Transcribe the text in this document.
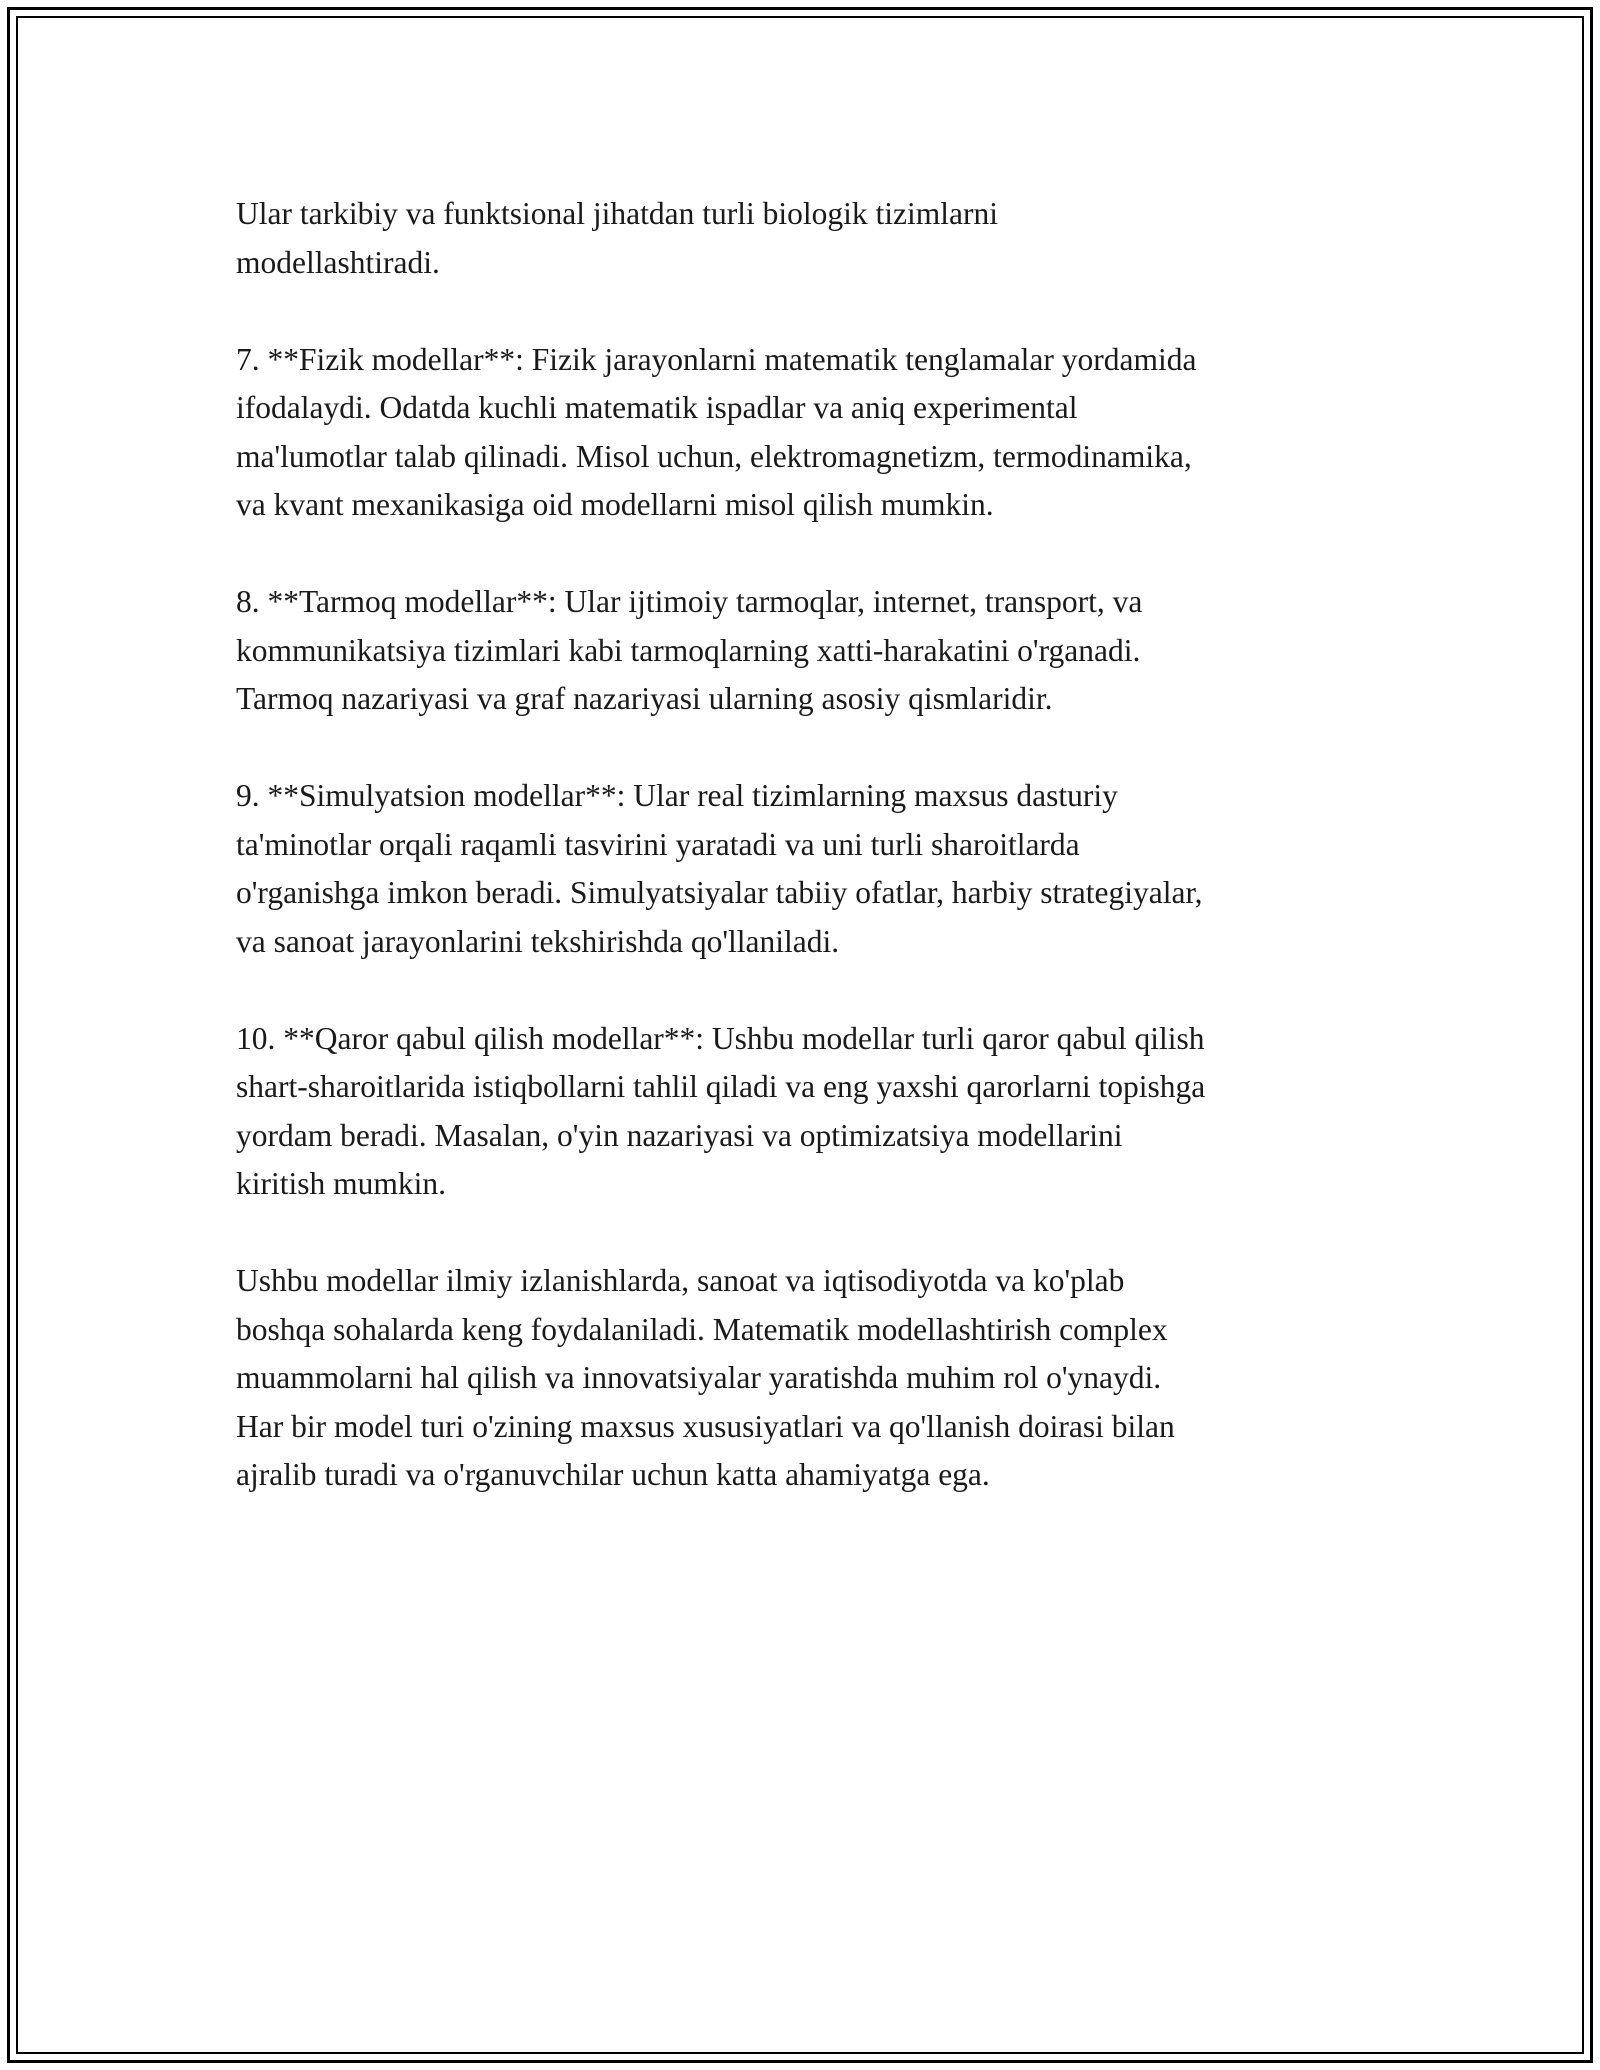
Ular tarkibiy va funktsional jihatdan turli biologik tizimlarni
modellashtiradi.

7. **Fizik modellar**: Fizik jarayonlarni matematik tenglamalar yordamida
ifodalaydi. Odatda kuchli matematik ispadlar va aniq experimental
ma'lumotlar talab qilinadi. Misol uchun, elektromagnetizm, termodinamika,
va kvant mexanikasiga oid modellarni misol qilish mumkin.

8. **Tarmoq modellar**: Ular ijtimoiy tarmoqlar, internet, transport, va
kommunikatsiya tizimlari kabi tarmoqlarning xatti-harakatini o'rganadi.
Tarmoq nazariyasi va graf nazariyasi ularning asosiy qismlaridir.

9. **Simulyatsion modellar**: Ular real tizimlarning maxsus dasturiy
ta'minotlar orqali raqamli tasvirini yaratadi va uni turli sharoitlarda
o'rganishga imkon beradi. Simulyatsiyalar tabiiy ofatlar, harbiy strategiyalar,
va sanoat jarayonlarini tekshirishda qo'llaniladi.

10. **Qaror qabul qilish modellar**: Ushbu modellar turli qaror qabul qilish
shart-sharoitlarida istiqbollarni tahlil qiladi va eng yaxshi qarorlarni topishga
yordam beradi. Masalan, o'yin nazariyasi va optimizatsiya modellarini
kiritish mumkin.

Ushbu modellar ilmiy izlanishlarda, sanoat va iqtisodiyotda va ko'plab
boshqa sohalarda keng foydalaniladi. Matematik modellashtirish complex
muammolarni hal qilish va innovatsiyalar yaratishda muhim rol o'ynaydi.
Har bir model turi o'zining maxsus xususiyatlari va qo'llanish doirasi bilan
ajralib turadi va o'rganuvchilar uchun katta ahamiyatga ega.
